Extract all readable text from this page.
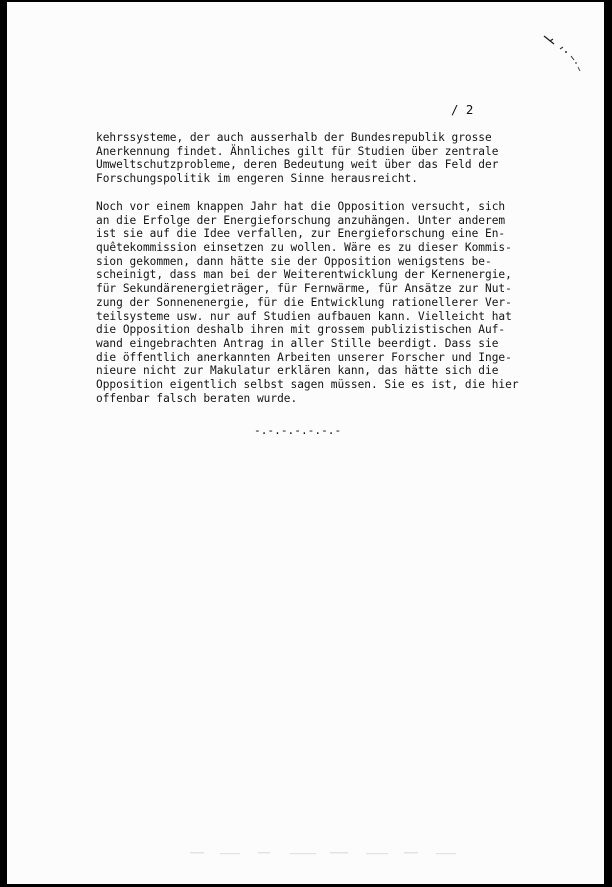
/ 2
kehrssysteme, der auch ausserhalb der Bundesrepublik grosse
Anerkennung findet. Ähnliches gilt für Studien über zentrale
Umweltschutzprobleme, deren Bedeutung weit über das Feld der
Forschungspolitik im engeren Sinne herausreicht.
Noch vor einem knappen Jahr hat die Opposition versucht, sich
an die Erfolge der Energieforschung anzuhängen. Unter anderem
ist sie auf die Idee verfallen, zur Energieforschung eine En-
quêtekommission einsetzen zu wollen. Wäre es zu dieser Kommis-
sion gekommen, dann hätte sie der Opposition wenigstens be-
scheinigt, dass man bei der Weiterentwicklung der Kernenergie,
für Sekundärenergieträger, für Fernwärme, für Ansätze zur Nut-
zung der Sonnenenergie, für die Entwicklung rationellerer Ver-
teilsysteme usw. nur auf Studien aufbauen kann. Vielleicht hat
die Opposition deshalb ihren mit grossem publizistischen Auf-
wand eingebrachten Antrag in aller Stille beerdigt. Dass sie
die öffentlich anerkannten Arbeiten unserer Forscher und Inge-
nieure nicht zur Makulatur erklären kann, das hätte sich die
Opposition eigentlich selbst sagen müssen. Sie es ist, die hier
offenbar falsch beraten wurde.
-.-.-.-.-.-.-
